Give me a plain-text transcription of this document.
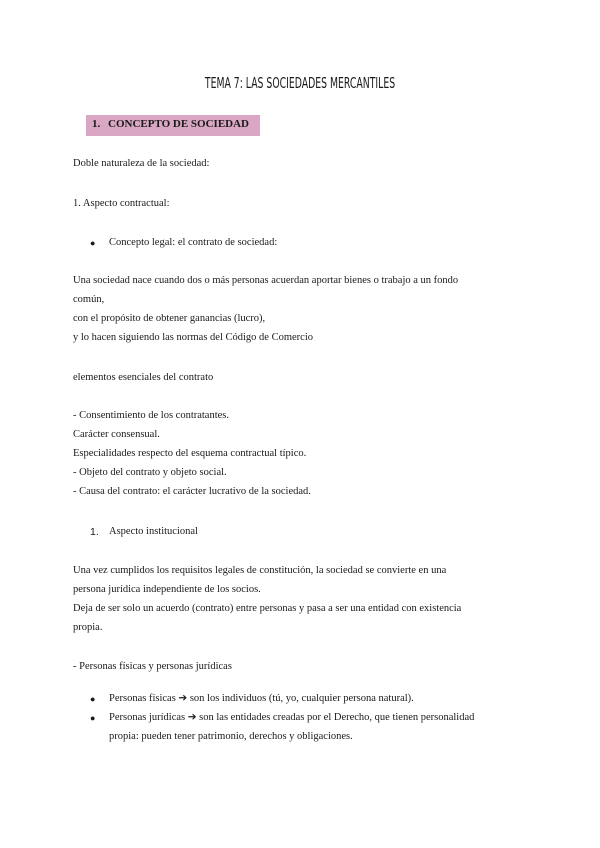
TEMA 7: LAS SOCIEDADES MERCANTILES
1. CONCEPTO DE SOCIEDAD
Doble naturaleza de la sociedad:
1. Aspecto contractual:
● Concepto legal: el contrato de sociedad:
Una sociedad nace cuando dos o más personas acuerdan aportar bienes o trabajo a un fondo
común,
con el propósito de obtener ganancias (lucro),
y lo hacen siguiendo las normas del Código de Comercio
elementos esenciales del contrato
- Consentimiento de los contratantes.
Carácter consensual.
Especialidades respecto del esquema contractual típico.
- Objeto del contrato y objeto social.
- Causa del contrato: el carácter lucrativo de la sociedad.
1. Aspecto institucional
Una vez cumplidos los requisitos legales de constitución, la sociedad se convierte en una
persona jurídica independiente de los socios.
Deja de ser solo un acuerdo (contrato) entre personas y pasa a ser una entidad con existencia
propia.
- Personas físicas y personas jurídicas
● Personas físicas ➔ son los individuos (tú, yo, cualquier persona natural).
● Personas jurídicas ➔ son las entidades creadas por el Derecho, que tienen personalidad
propia: pueden tener patrimonio, derechos y obligaciones.
